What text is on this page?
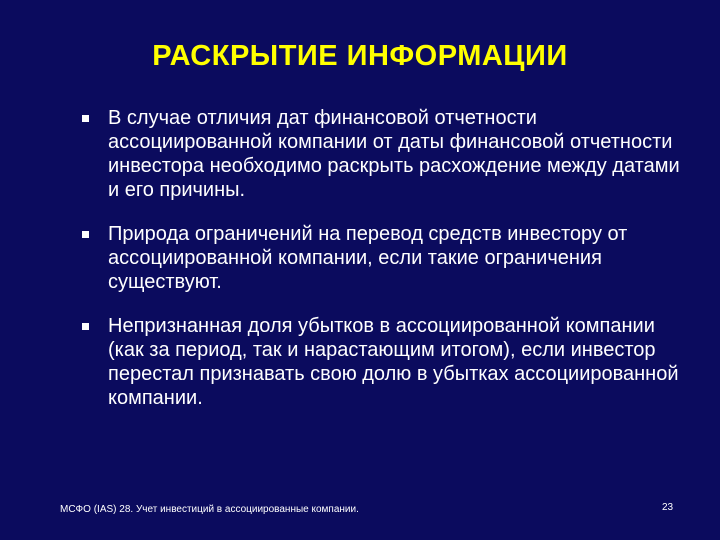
РАСКРЫТИЕ ИНФОРМАЦИИ
В случае отличия дат финансовой отчетности ассоциированной компании от даты финансовой отчетности инвестора необходимо раскрыть расхождение между датами и его причины.
Природа ограничений на перевод средств инвестору от ассоциированной компании, если такие ограничения существуют.
Непризнанная доля убытков в ассоциированной компании (как за период, так и нарастающим итогом), если инвестор перестал признавать свою долю в убытках ассоциированной компании.
МСФО (IAS) 28. Учет инвестиций в ассоциированные компании.	23
